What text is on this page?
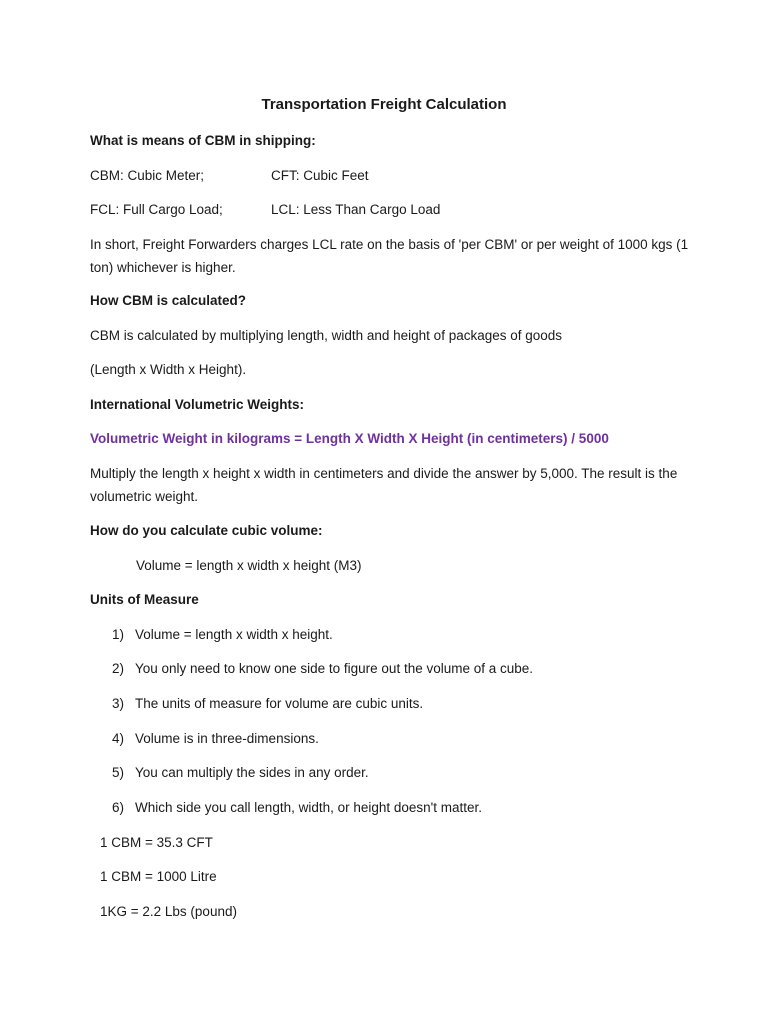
Transportation Freight Calculation
What is means of CBM in shipping:
CBM: Cubic Meter;	CFT: Cubic Feet
FCL: Full Cargo Load;	LCL: Less Than Cargo Load
In short, Freight Forwarders charges LCL rate on the basis of 'per CBM' or per weight of 1000 kgs (1 ton) whichever is higher.
How CBM is calculated?
CBM is calculated by multiplying length, width and height of packages of goods
(Length x Width x Height).
International Volumetric Weights:
Volumetric Weight in kilograms = Length X Width X Height (in centimeters) / 5000
Multiply the length x height x width in centimeters and divide the answer by 5,000. The result is the volumetric weight.
How do you calculate cubic volume:
Volume = length x width x height (M3)
Units of Measure
1) Volume = length x width x height.
2) You only need to know one side to figure out the volume of a cube.
3) The units of measure for volume are cubic units.
4) Volume is in three-dimensions.
5) You can multiply the sides in any order.
6) Which side you call length, width, or height doesn't matter.
1 CBM = 35.3 CFT
1 CBM = 1000 Litre
1KG = 2.2 Lbs (pound)
